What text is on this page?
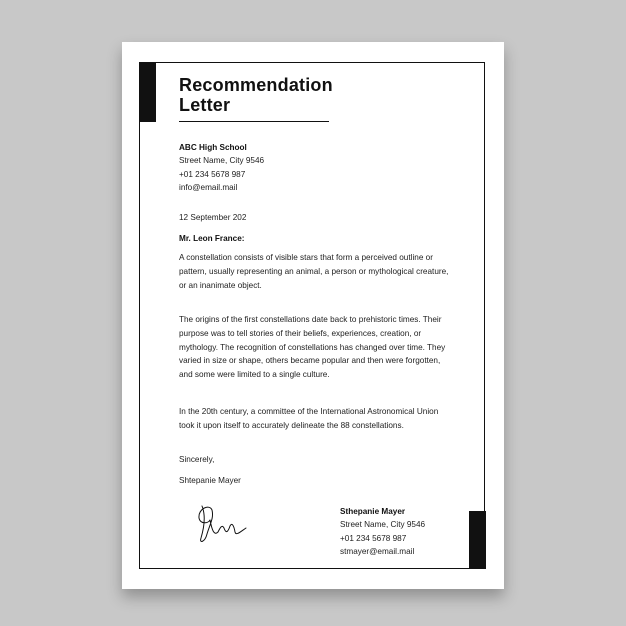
Recommendation
Letter
ABC High School
Street Name, City 9546
+01 234 5678 987
info@email.mail

12 September 202

Mr. Leon France:

A constellation consists of visible stars that form a perceived outline or pattern, usually representing an animal, a person or mythological creature, or an inanimate object.

The origins of the first constellations date back to prehistoric times. Their purpose was to tell stories of their beliefs, experiences, creation, or mythology. The recognition of constellations has changed over time. They varied in size or shape, others became popular and then were forgotten, and some were limited to a single culture.

In the 20th century, a committee of the International Astronomical Union took it upon itself to accurately delineate the 88 constellations.

Sincerely,

Shtepanie Mayer

Sthepanie Mayer
Street Name, City 9546
+01 234 5678 987
stmayer@email.mail
